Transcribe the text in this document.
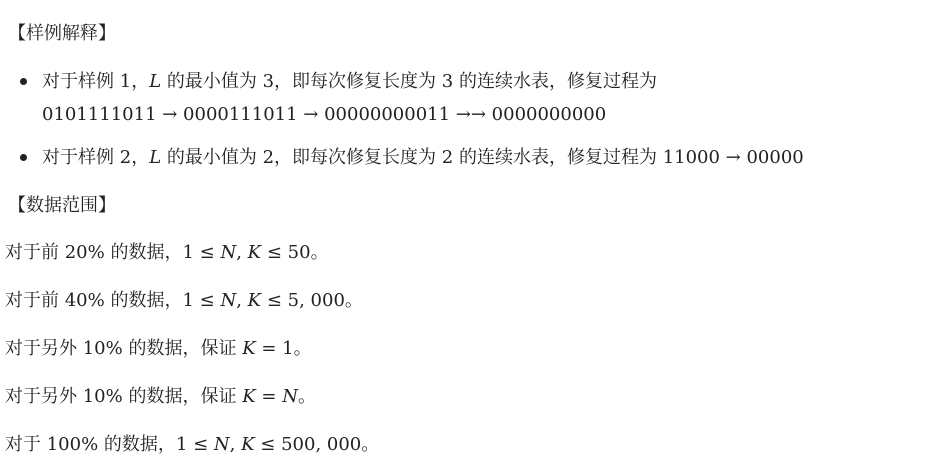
【样例解释】
对于样例 1，L 的最小值为 3，即每次修复长度为 3 的连续水表，修复过程为
0101111011 → 0000111011 → 00000000011 →→ 0000000000
对于样例 2，L 的最小值为 2，即每次修复长度为 2 的连续水表，修复过程为 11000 → 00000
【数据范围】
对于前 20% 的数据，1 ≤ N, K ≤ 50。
对于前 40% 的数据，1 ≤ N, K ≤ 5, 000。
对于另外 10% 的数据，保证 K = 1。
对于另外 10% 的数据，保证 K = N。
对于 100% 的数据，1 ≤ N, K ≤ 500, 000。
